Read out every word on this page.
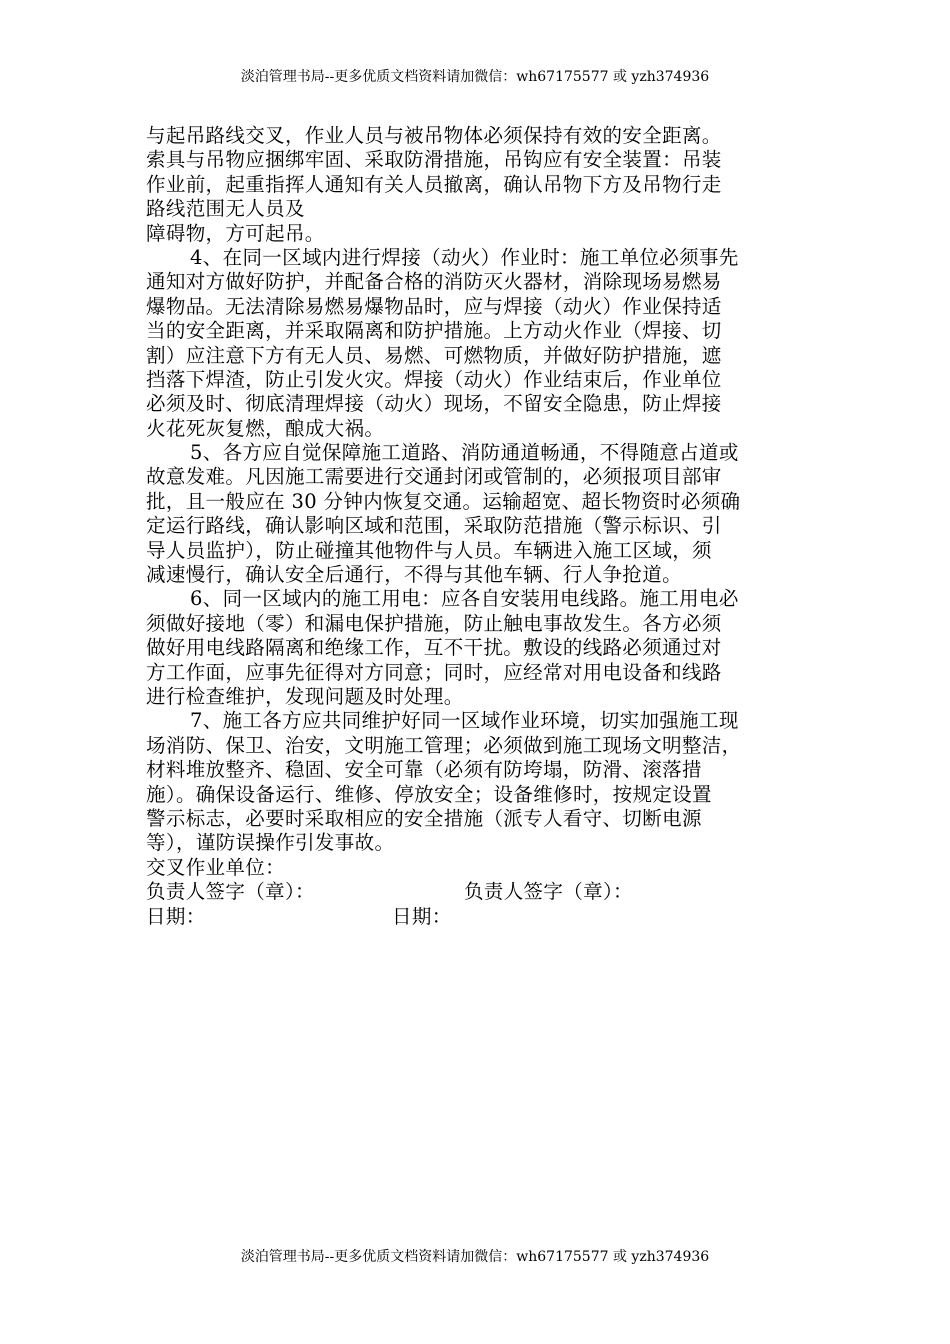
淡泊管理书局--更多优质文档资料请加微信：wh67175577 或 yzh374936
与起吊路线交叉，作业人员与被吊物体必须保持有效的安全距离。
索具与吊物应捆绑牢固、采取防滑措施，吊钩应有安全装置：吊装
作业前，起重指挥人通知有关人员撤离，确认吊物下方及吊物行走
路线范围无人员及
障碍物，方可起吊。
4、在同一区域内进行焊接（动火）作业时：施工单位必须事先
通知对方做好防护，并配备合格的消防灭火器材，消除现场易燃易
爆物品。无法清除易燃易爆物品时，应与焊接（动火）作业保持适
当的安全距离，并采取隔离和防护措施。上方动火作业（焊接、切
割）应注意下方有无人员、易燃、可燃物质，并做好防护措施，遮
挡落下焊渣，防止引发火灾。焊接（动火）作业结束后，作业单位
必须及时、彻底清理焊接（动火）现场，不留安全隐患，防止焊接
火花死灰复燃，酿成大祸。
5、各方应自觉保障施工道路、消防通道畅通，不得随意占道或
故意发难。凡因施工需要进行交通封闭或管制的，必须报项目部审
批，且一般应在 30 分钟内恢复交通。运输超宽、超长物资时必须确
定运行路线，确认影响区域和范围，采取防范措施（警示标识、引
导人员监护），防止碰撞其他物件与人员。车辆进入施工区域，须
减速慢行，确认安全后通行，不得与其他车辆、行人争抢道。
6、同一区域内的施工用电：应各自安装用电线路。施工用电必
须做好接地（零）和漏电保护措施，防止触电事故发生。各方必须
做好用电线路隔离和绝缘工作，互不干扰。敷设的线路必须通过对
方工作面，应事先征得对方同意；同时，应经常对用电设备和线路
进行检查维护，发现问题及时处理。
7、施工各方应共同维护好同一区域作业环境，切实加强施工现
场消防、保卫、治安，文明施工管理；必须做到施工现场文明整洁，
材料堆放整齐、稳固、安全可靠（必须有防垮塌，防滑、滚落措
施）。确保设备运行、维修、停放安全；设备维修时，按规定设置
警示标志，必要时采取相应的安全措施（派专人看守、切断电源
等），谨防误操作引发事故。
交叉作业单位：
负责人签字（章）：	负责人签字（章）：
日期：	日期：
淡泊管理书局--更多优质文档资料请加微信：wh67175577 或 yzh374936
